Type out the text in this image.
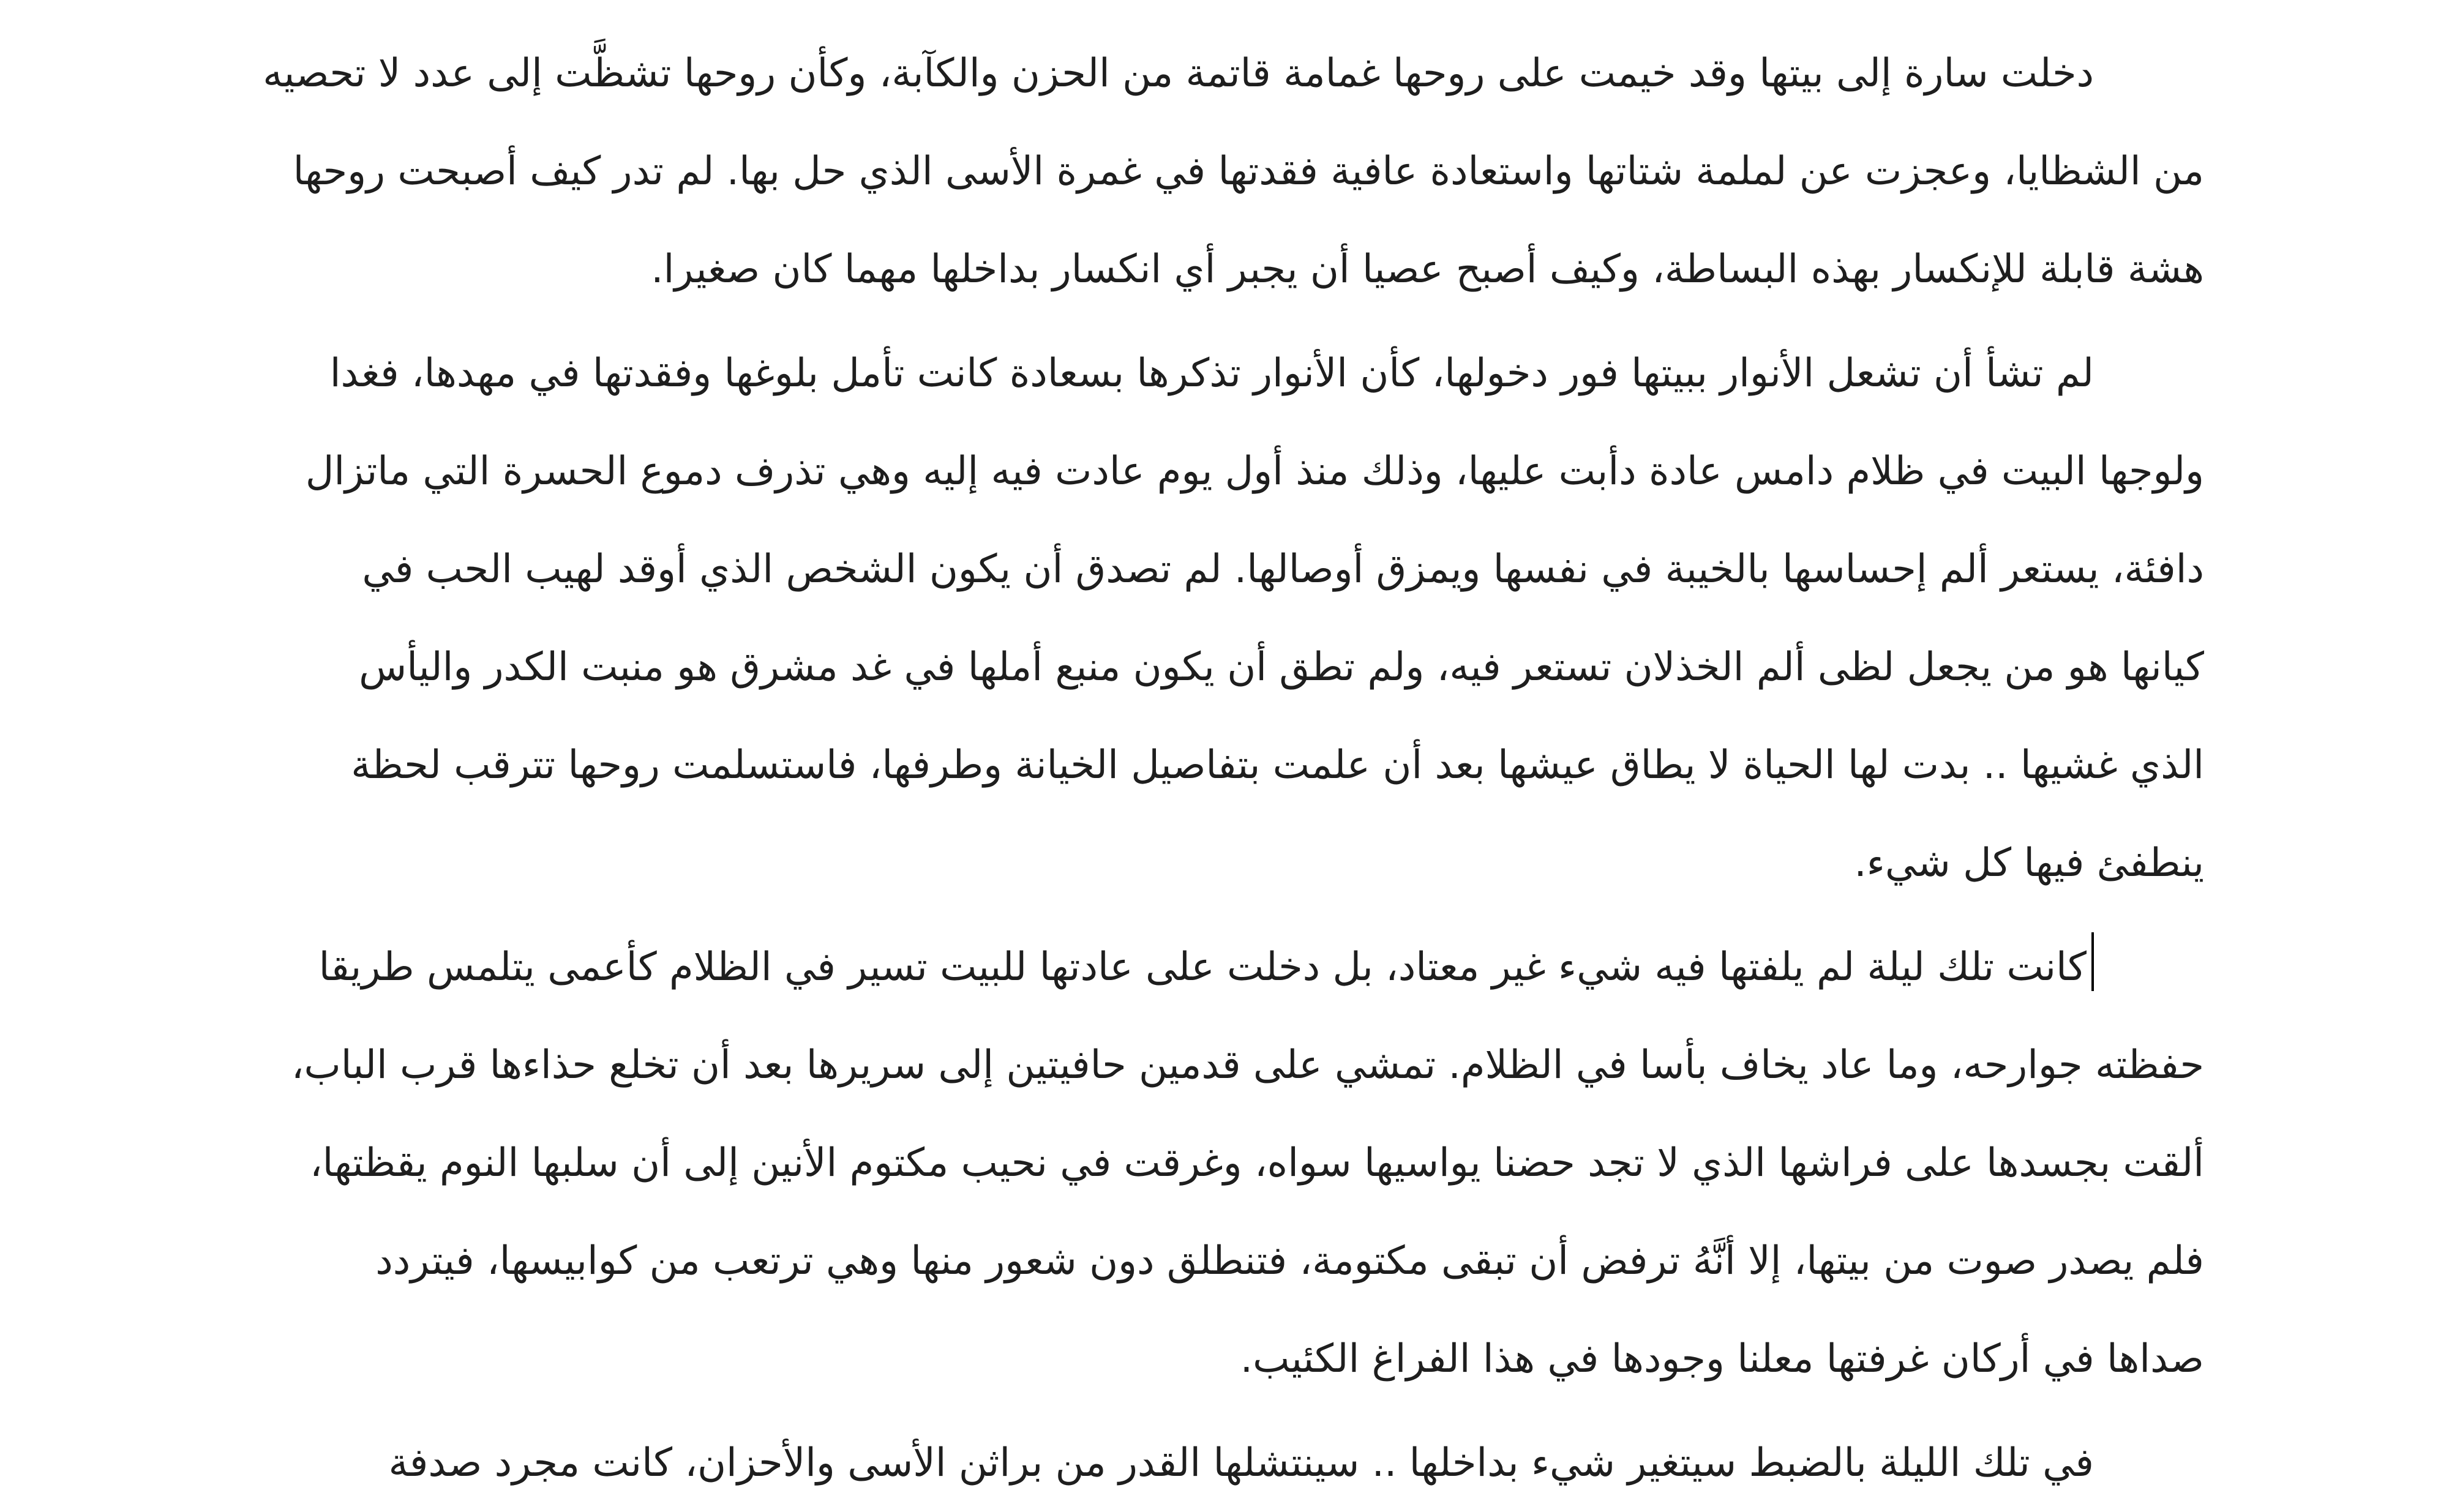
دخلت سارة إلى بيتها وقد خيمت على روحها غمامة قاتمة من الحزن والكآبة، وكأن روحها تشظَّت إلى عدد لا تحصيه
من الشظايا، وعجزت عن لملمة شتاتها واستعادة عافية فقدتها في غمرة الأسى الذي حل بها. لم تدر كيف أصبحت روحها
هشة قابلة للإنكسار بهذه البساطة، وكيف أصبح عصيا أن يجبر أي انكسار بداخلها مهما كان صغيرا.

لم تشأ أن تشعل الأنوار ببيتها فور دخولها، كأن الأنوار تذكرها بسعادة كانت تأمل بلوغها وفقدتها في مهدها، فغدا
ولوجها البيت في ظلام دامس عادة دأبت عليها، وذلك منذ أول يوم عادت فيه إليه وهي تذرف دموع الحسرة التي ماتزال
دافئة، يستعر ألم إحساسها بالخيبة في نفسها ويمزق أوصالها. لم تصدق أن يكون الشخص الذي أوقد لهيب الحب في
كيانها هو من يجعل لظى ألم الخذلان تستعر فيه، ولم تطق أن يكون منبع أملها في غد مشرق هو منبت الكدر واليأس
الذي غشيها .. بدت لها الحياة لا يطاق عيشها بعد أن علمت بتفاصيل الخيانة وطرفها، فاستسلمت روحها تترقب لحظة
ينطفئ فيها كل شيء.

كانت تلك ليلة لم يلفتها فيه شيء غير معتاد، بل دخلت على عادتها للبيت تسير في الظلام كأعمى يتلمس طريقا
حفظته جوارحه، وما عاد يخاف بأسا في الظلام. تمشي على قدمين حافيتين إلى سريرها بعد أن تخلع حذاءها قرب الباب،
ألقت بجسدها على فراشها الذي لا تجد حضنا يواسيها سواه، وغرقت في نحيب مكتوم الأنين إلى أن سلبها النوم يقظتها،
فلم يصدر صوت من بيتها، إلا أنَّهُ ترفض أن تبقى مكتومة، فتنطلق دون شعور منها وهي ترتعب من كوابيسها، فيتردد
صداها في أركان غرفتها معلنا وجودها في هذا الفراغ الكئيب.

في تلك الليلة بالضبط سيتغير شيء بداخلها .. سينتشلها القدر من براثن الأسى والأحزان، كانت مجرد صدفة
